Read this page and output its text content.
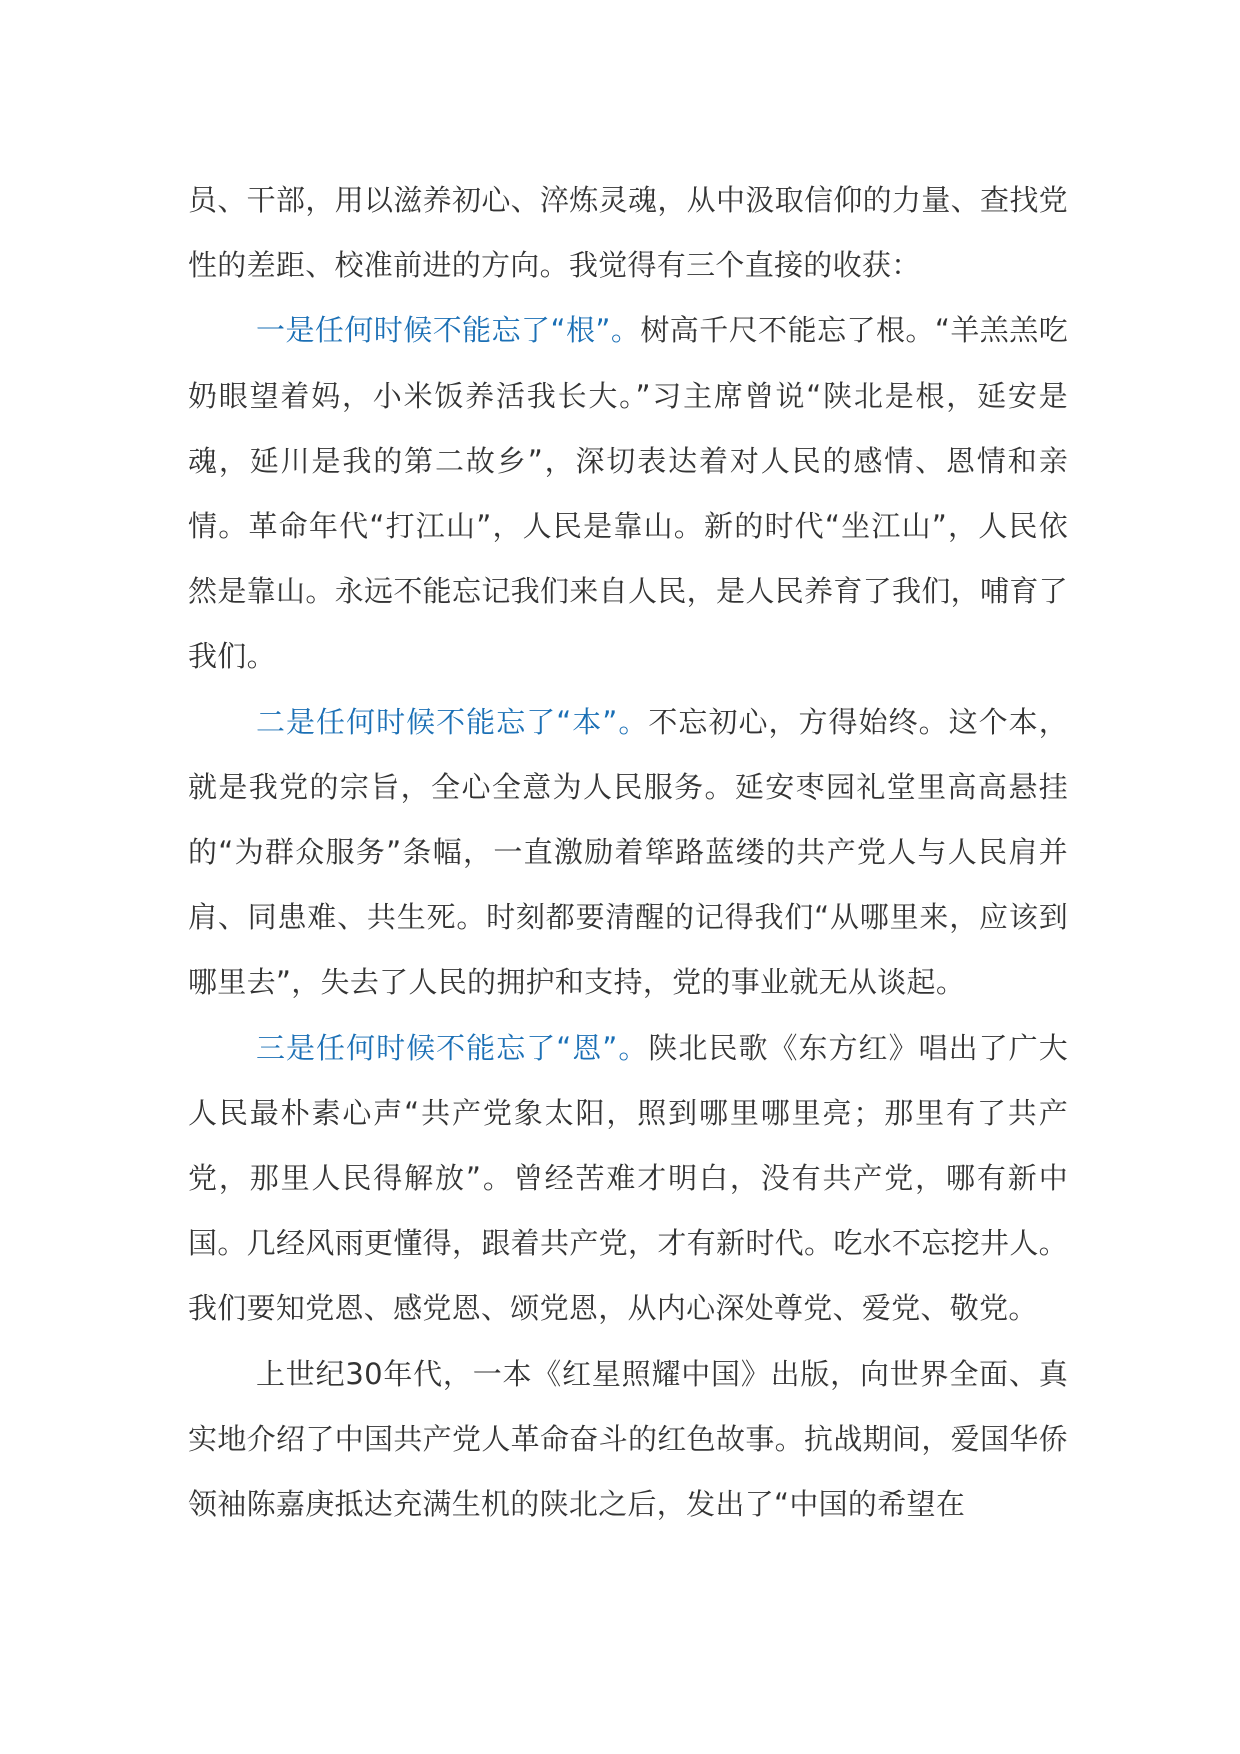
员、干部，用以滋养初心、淬炼灵魂，从中汲取信仰的力量、查找党性的差距、校准前进的方向。我觉得有三个直接的收获：

一是任何时候不能忘了“根”。树高千尺不能忘了根。“羊羔羔吃奶眼望着妈，小米饭养活我长大。”习主席曾说“陕北是根，延安是魂，延川是我的第二故乡”，深切表达着对人民的感情、恩情和亲情。革命年代“打江山”，人民是靠山。新的时代“坐江山”，人民依然是靠山。永远不能忘记我们来自人民，是人民养育了我们，哺育了我们。

二是任何时候不能忘了“本”。不忘初心，方得始终。这个本，就是我党的宗旨，全心全意为人民服务。延安枣园礼堂里高高悬挂的“为群众服务”条幅，一直激励着筚路蓝缕的共产党人与人民肩并肩、同患难、共生死。时刻都要清醒的记得我们“从哪里来，应该到哪里去”，失去了人民的拥护和支持，党的事业就无从谈起。

三是任何时候不能忘了“恩”。陕北民歌《东方红》唱出了广大人民最朴素心声“共产党象太阳，照到哪里哪里亮；那里有了共产党，那里人民得解放”。曾经苦难才明白，没有共产党，哪有新中国。几经风雨更懂得，跟着共产党，才有新时代。吃水不忘挖井人。我们要知党恩、感党恩、颂党恩，从内心深处尊党、爱党、敬党。

上世纪30年代，一本《红星照耀中国》出版，向世界全面、真实地介绍了中国共产党人革命奋斗的红色故事。抗战期间，爱国华侨领袖陈嘉庚抵达充满生机的陕北之后，发出了“中国的希望在
